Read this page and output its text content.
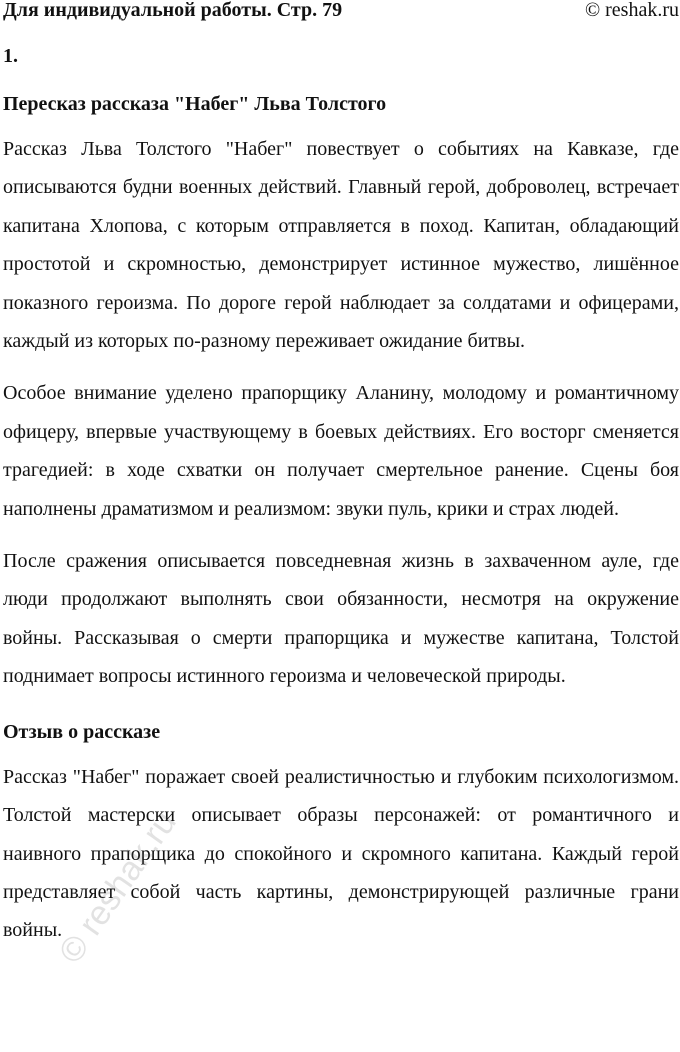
Для индивидуальной работы. Стр. 79	© reshak.ru
1.
Пересказ рассказа "Набег" Льва Толстого

Рассказ Льва Толстого "Набег" повествует о событиях на Кавказе, где описываются будни военных действий. Главный герой, доброволец, встречает капитана Хлопова, с которым отправляется в поход. Капитан, обладающий простотой и скромностью, демонстрирует истинное мужество, лишённое показного героизма. По дороге герой наблюдает за солдатами и офицерами, каждый из которых по-разному переживает ожидание битвы.

Особое внимание уделено прапорщику Аланину, молодому и романтичному офицеру, впервые участвующему в боевых действиях. Его восторг сменяется трагедией: в ходе схватки он получает смертельное ранение. Сцены боя наполнены драматизмом и реализмом: звуки пуль, крики и страх людей.

После сражения описывается повседневная жизнь в захваченном ауле, где люди продолжают выполнять свои обязанности, несмотря на окружение войны. Рассказывая о смерти прапорщика и мужестве капитана, Толстой поднимает вопросы истинного героизма и человеческой природы.

Отзыв о рассказе

Рассказ "Набег" поражает своей реалистичностью и глубоким психологизмом. Толстой мастерски описывает образы персонажей: от романтичного и наивного прапорщика до спокойного и скромного капитана. Каждый герой представляет собой часть картины, демонстрирующей различные грани войны.

© reshak.ru
